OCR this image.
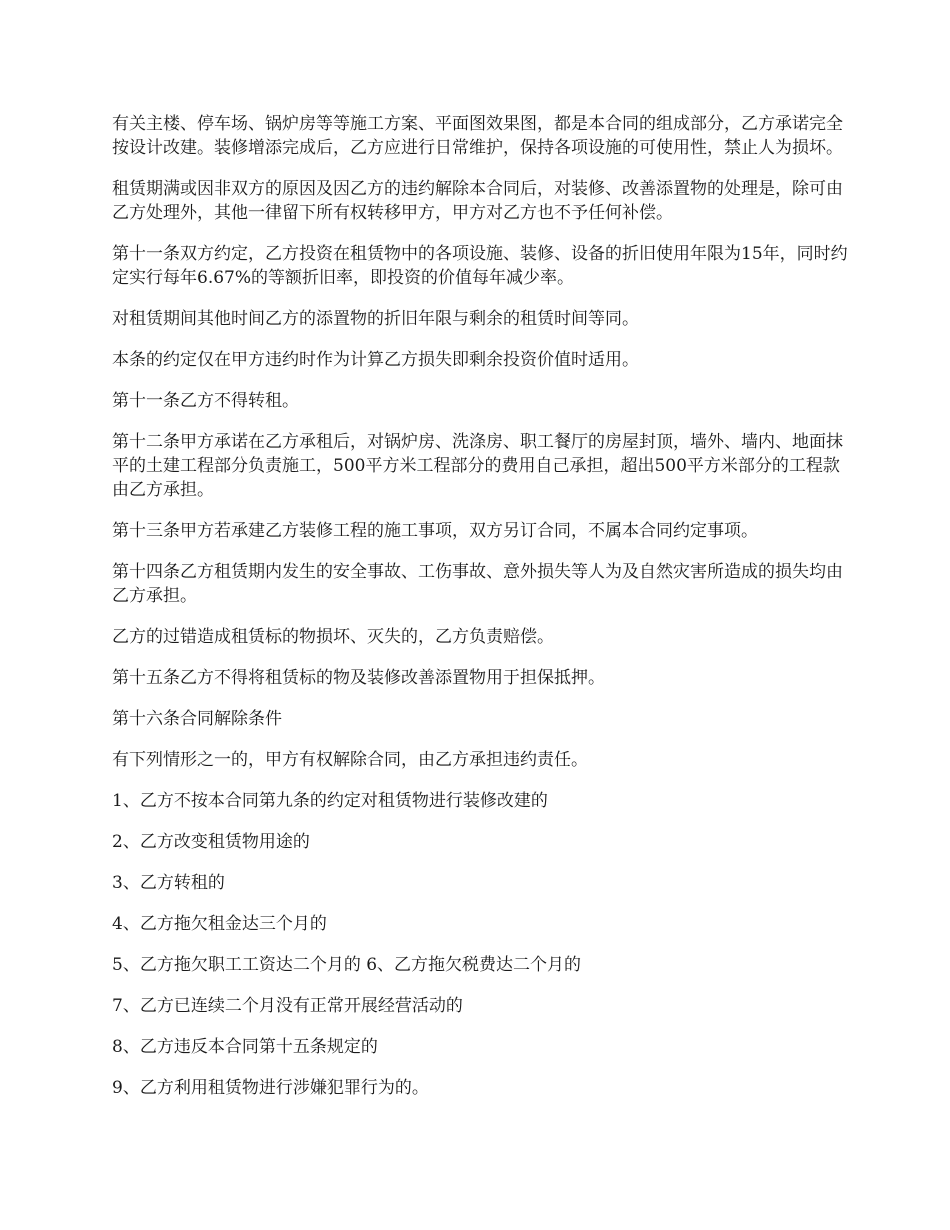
有关主楼、停车场、锅炉房等等施工方案、平面图效果图，都是本合同的组成部分，乙方承诺完全按设计改建。装修增添完成后，乙方应进行日常维护，保持各项设施的可使用性，禁止人为损坏。

租赁期满或因非双方的原因及因乙方的违约解除本合同后，对装修、改善添置物的处理是，除可由乙方处理外，其他一律留下所有权转移甲方，甲方对乙方也不予任何补偿。

第十一条双方约定，乙方投资在租赁物中的各项设施、装修、设备的折旧使用年限为15年，同时约定实行每年6.67%的等额折旧率，即投资的价值每年减少率。

对租赁期间其他时间乙方的添置物的折旧年限与剩余的租赁时间等同。

本条的约定仅在甲方违约时作为计算乙方损失即剩余投资价值时适用。

第十一条乙方不得转租。

第十二条甲方承诺在乙方承租后，对锅炉房、洗涤房、职工餐厅的房屋封顶，墙外、墙内、地面抹平的土建工程部分负责施工，500平方米工程部分的费用自己承担，超出500平方米部分的工程款由乙方承担。

第十三条甲方若承建乙方装修工程的施工事项，双方另订合同，不属本合同约定事项。

第十四条乙方租赁期内发生的安全事故、工伤事故、意外损失等人为及自然灾害所造成的损失均由乙方承担。

乙方的过错造成租赁标的物损坏、灭失的，乙方负责赔偿。

第十五条乙方不得将租赁标的物及装修改善添置物用于担保抵押。

第十六条合同解除条件

有下列情形之一的，甲方有权解除合同，由乙方承担违约责任。

1、乙方不按本合同第九条的约定对租赁物进行装修改建的

2、乙方改变租赁物用途的

3、乙方转租的

4、乙方拖欠租金达三个月的

5、乙方拖欠职工工资达二个月的 6、乙方拖欠税费达二个月的

7、乙方已连续二个月没有正常开展经营活动的

8、乙方违反本合同第十五条规定的

9、乙方利用租赁物进行涉嫌犯罪行为的。
